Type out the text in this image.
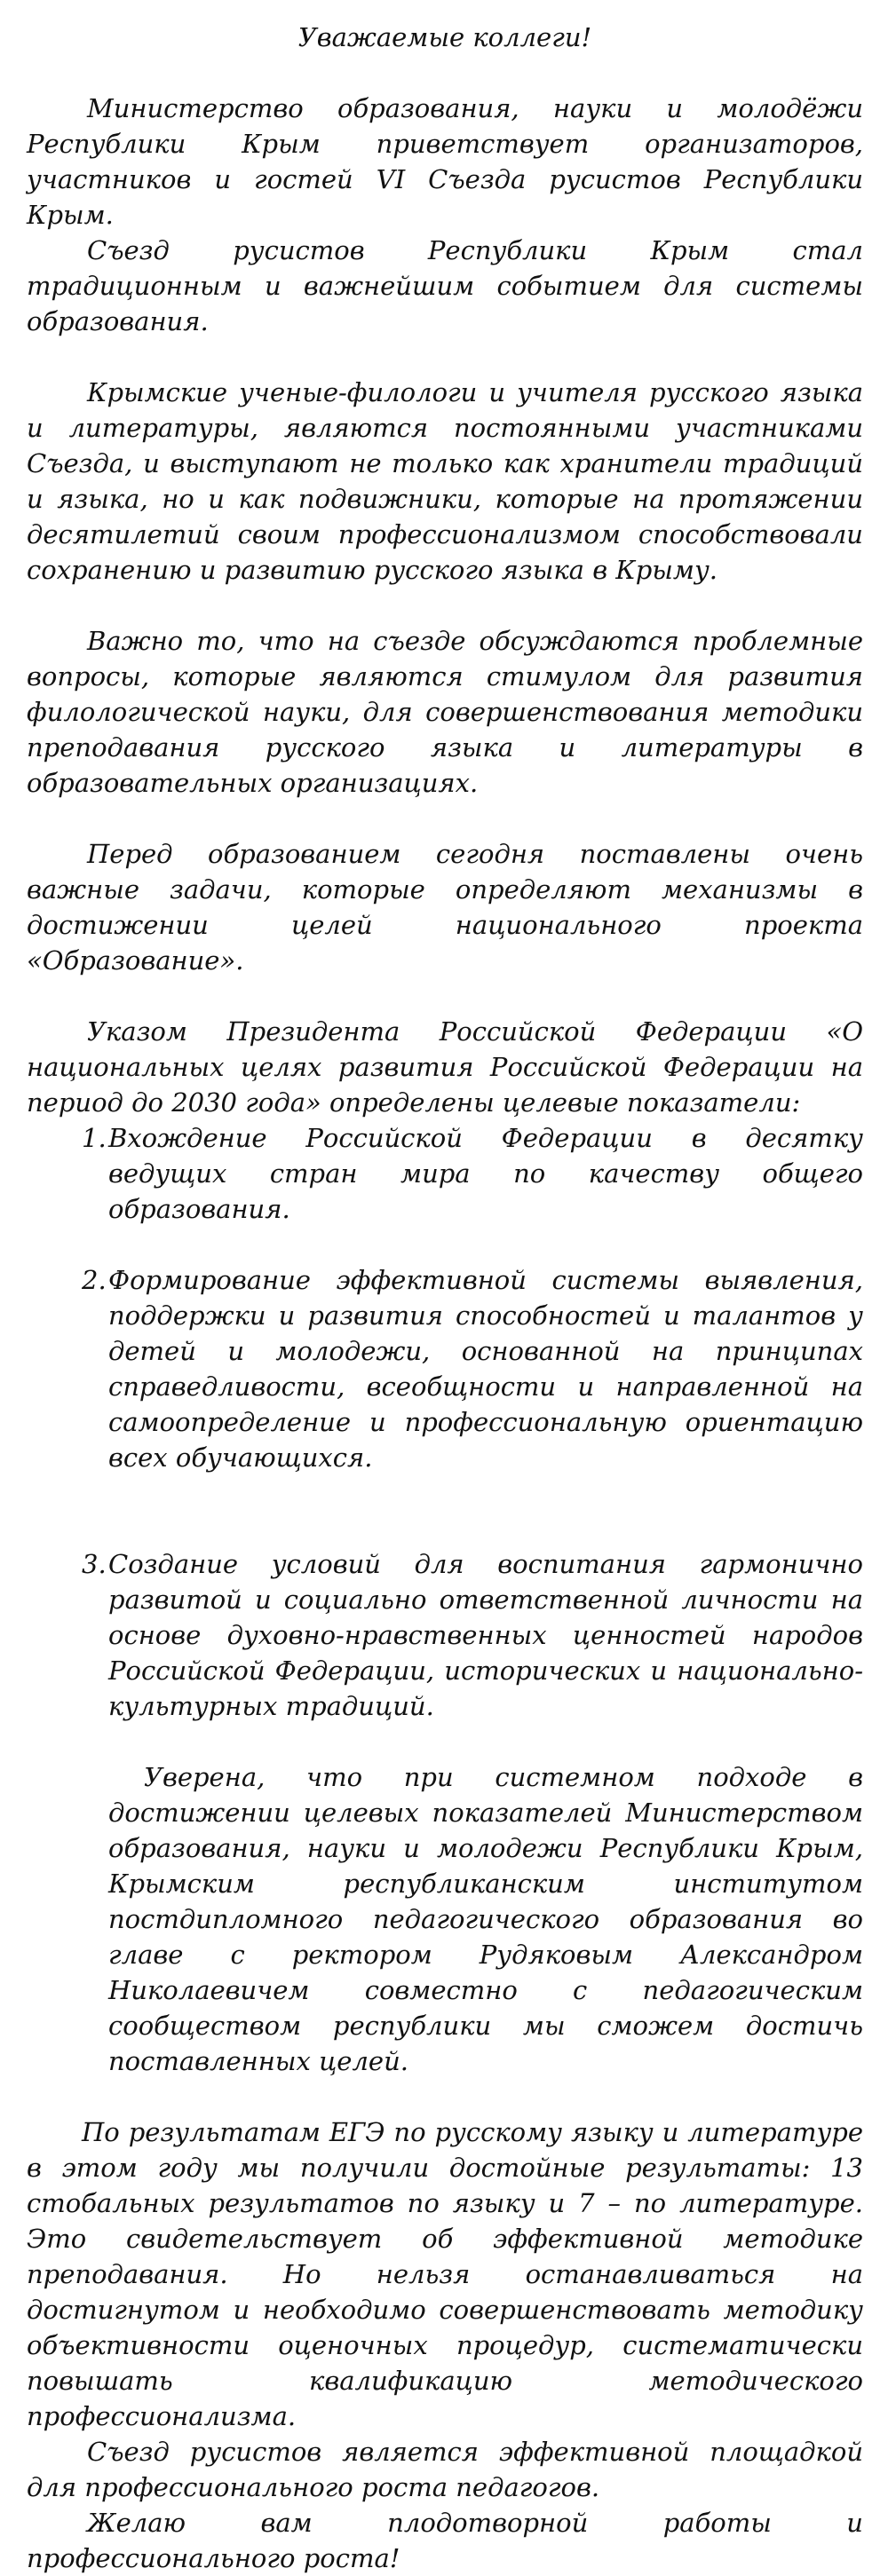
Уважаемые коллеги!

Министерство образования, науки и молодёжи Республики Крым приветствует организаторов, участников и гостей VI Съезда русистов Республики Крым.

Съезд русистов Республики Крым стал традиционным и важнейшим событием для системы образования.

Крымские ученые-филологи и учителя русского языка и литературы, являются постоянными участниками Съезда, и выступают не только как хранители традиций и языка, но и как подвижники, которые на протяжении десятилетий своим профессионализмом способствовали сохранению и развитию русского языка в Крыму.

Важно то, что на съезде обсуждаются проблемные вопросы, которые являются стимулом для развития филологической науки, для совершенствования методики преподавания русского языка и литературы в образовательных организациях.

Перед образованием сегодня поставлены очень важные задачи, которые определяют механизмы в достижении целей национального проекта «Образование».

Указом Президента Российской Федерации «О национальных целях развития Российской Федерации на период до 2030 года» определены целевые показатели:

1. Вхождение Российской Федерации в десятку ведущих стран мира по качеству общего образования.
2. Формирование эффективной системы выявления, поддержки и развития способностей и талантов у детей и молодежи, основанной на принципах справедливости, всеобщности и направленной на самоопределение и профессиональную ориентацию всех обучающихся.
3. Создание условий для воспитания гармонично развитой и социально ответственной личности на основе духовно-нравственных ценностей народов Российской Федерации, исторических и национально-культурных традиций.

Уверена, что при системном подходе в достижении целевых показателей Министерством образования, науки и молодежи Республики Крым, Крымским республиканским институтом постдипломного педагогического образования во главе с ректором Рудяковым Александром Николаевичем совместно с педагогическим сообществом республики мы сможем достичь поставленных целей.

По результатам ЕГЭ по русскому языку и литературе в этом году мы получили достойные результаты: 13 стобальных результатов по языку и 7 – по литературе. Это свидетельствует об эффективной методике преподавания. Но нельзя останавливаться на достигнутом и необходимо совершенствовать методику объективности оценочных процедур, систематически повышать квалификацию методического профессионализма.

Съезд русистов является эффективной площадкой для профессионального роста педагогов.

Желаю вам плодотворной работы и профессионального роста!
